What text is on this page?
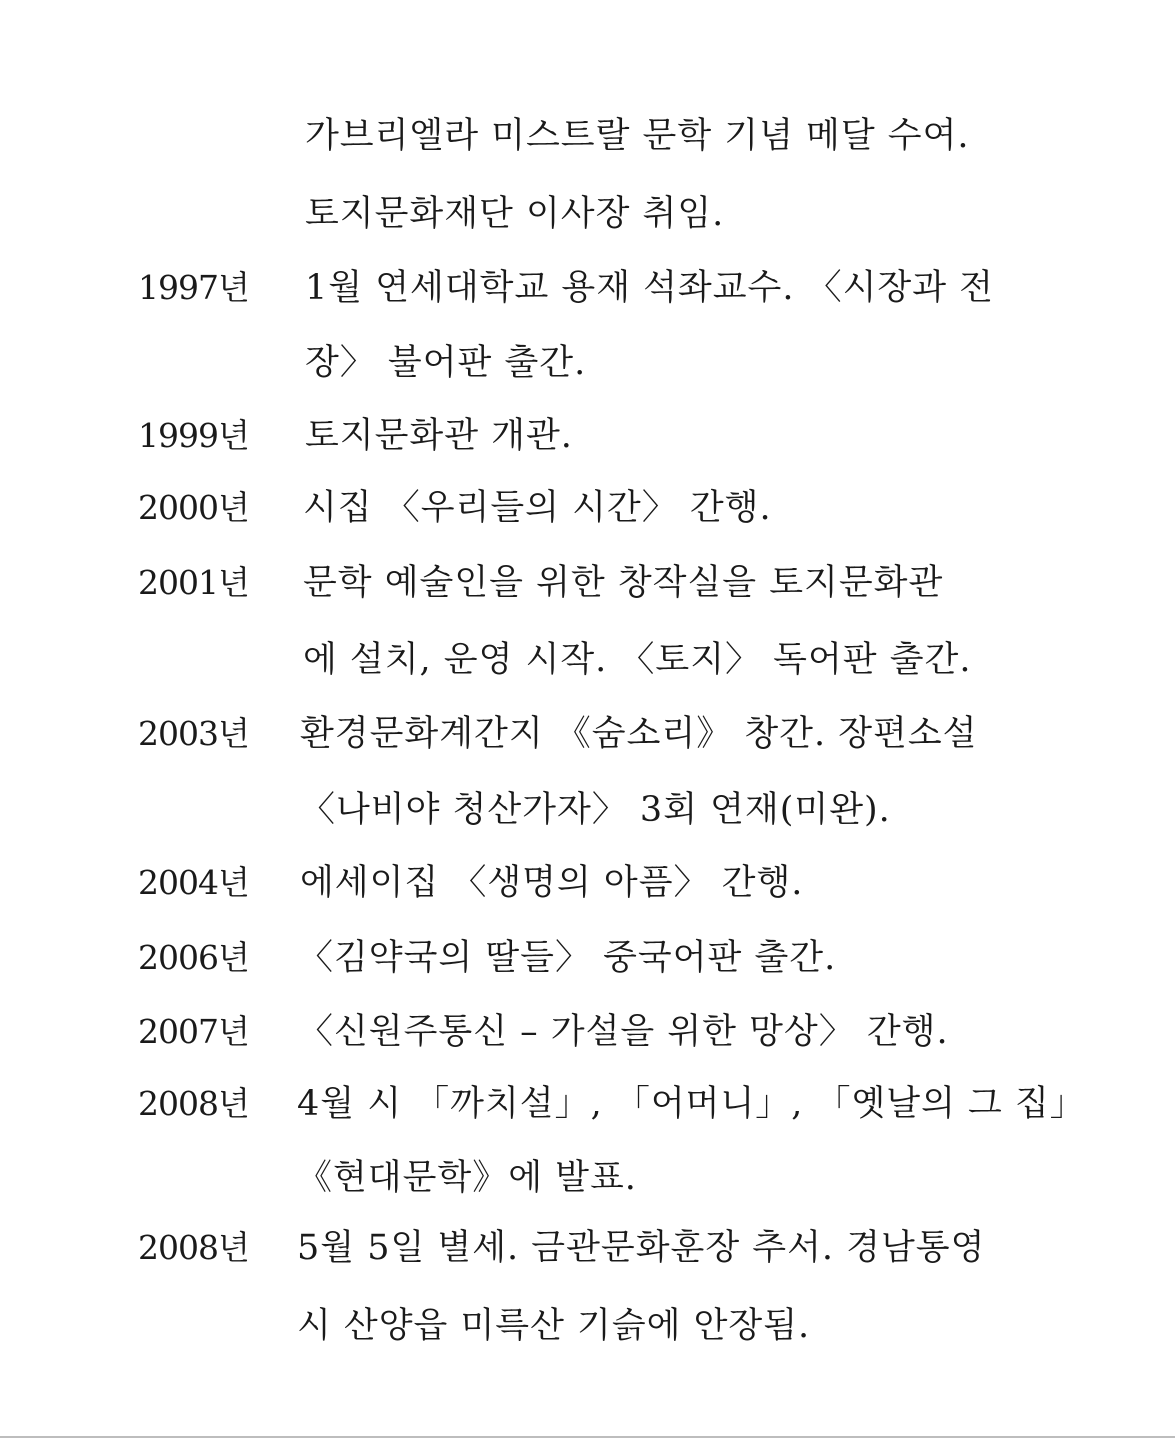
가브리엘라 미스트랄 문학 기념 메달 수여.
토지문화재단 이사장 취임.
1997년 1월 연세대학교 용재 석좌교수. 〈시장과 전
장〉 불어판 출간.
1999년 토지문화관 개관.
2000년 시집 〈우리들의 시간〉 간행.
2001년 문학 예술인을 위한 창작실을 토지문화관
에 설치, 운영 시작. 〈토지〉 독어판 출간.
2003년 환경문화계간지 《숨소리》 창간. 장편소설
〈나비야 청산가자〉 3회 연재(미완).
2004년 에세이집 〈생명의 아픔〉 간행.
2006년 〈김약국의 딸들〉 중국어판 출간.
2007년 〈신원주통신 – 가설을 위한 망상〉 간행.
2008년 4월 시 「까치설」, 「어머니」, 「옛날의 그 집」
《현대문학》에 발표.
2008년 5월 5일 별세. 금관문화훈장 추서. 경남통영
시 산양읍 미륵산 기슭에 안장됨.
